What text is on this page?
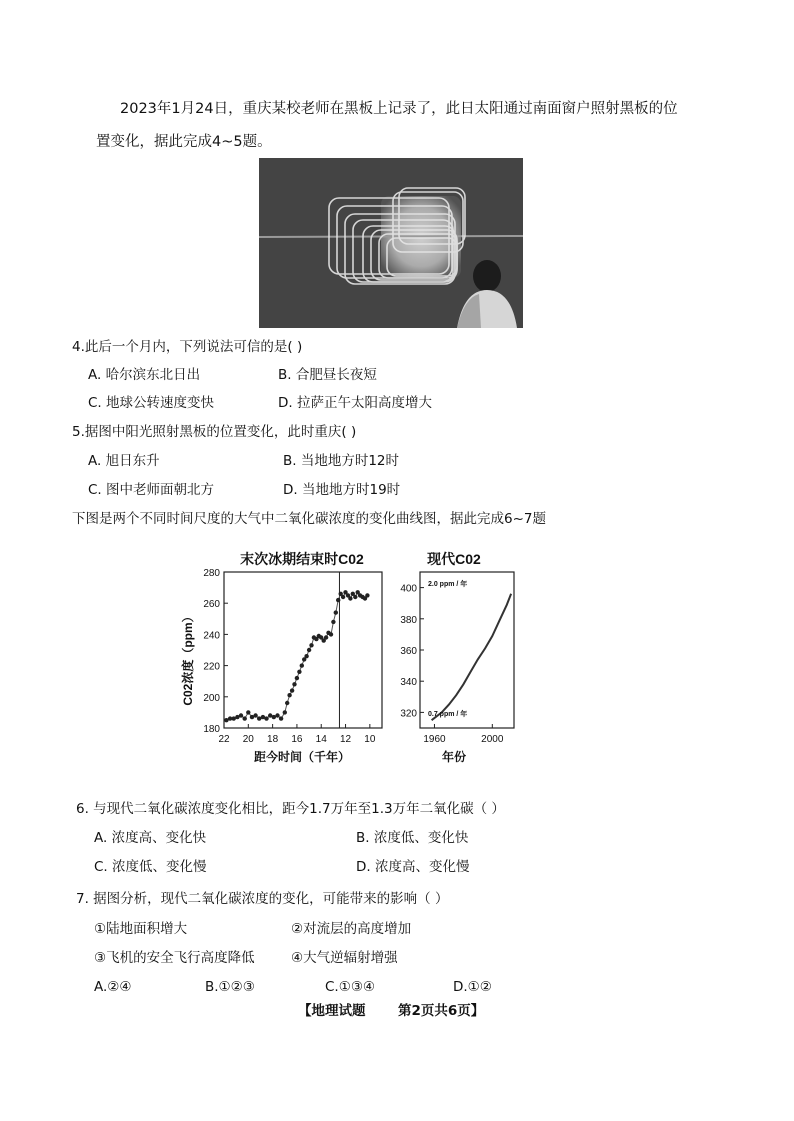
2023年1月24日，重庆某校老师在黑板上记录了，此日太阳通过南面窗户照射黑板的位
置变化，据此完成4~5题。
4.此后一个月内，下列说法可信的是( )
A. 哈尔滨东北日出	B. 合肥昼长夜短
C. 地球公转速度变快	D. 拉萨正午太阳高度增大
5.据图中阳光照射黑板的位置变化，此时重庆( )
A. 旭日东升	B. 当地地方时12时
C. 图中老师面朝北方	D. 当地地方时19时
下图是两个不同时间尺度的大气中二氧化碳浓度的变化曲线图，据此完成6~7题
末次冰期结束时C02
C02浓度（ppm）
距今时间（千年）
180
200
220
240
260
280
22 20 18 16 14 12 10
现代C02
年份
320
340
360
380
400
1960	2000
2.0 ppm / 年
0.7 ppm / 年
6. 与现代二氧化碳浓度变化相比，距今1.7万年至1.3万年二氧化碳（ ）
A. 浓度高、变化快	B. 浓度低、变化快
C. 浓度低、变化慢	D. 浓度高、变化慢
7. 据图分析，现代二氧化碳浓度的变化，可能带来的影响（ ）
①陆地面积增大	②对流层的高度增加
③飞机的安全飞行高度降低	④大气逆辐射增强
A.②④	B.①②③	C.①③④	D.①②
【地理试题 第2页共6页】
